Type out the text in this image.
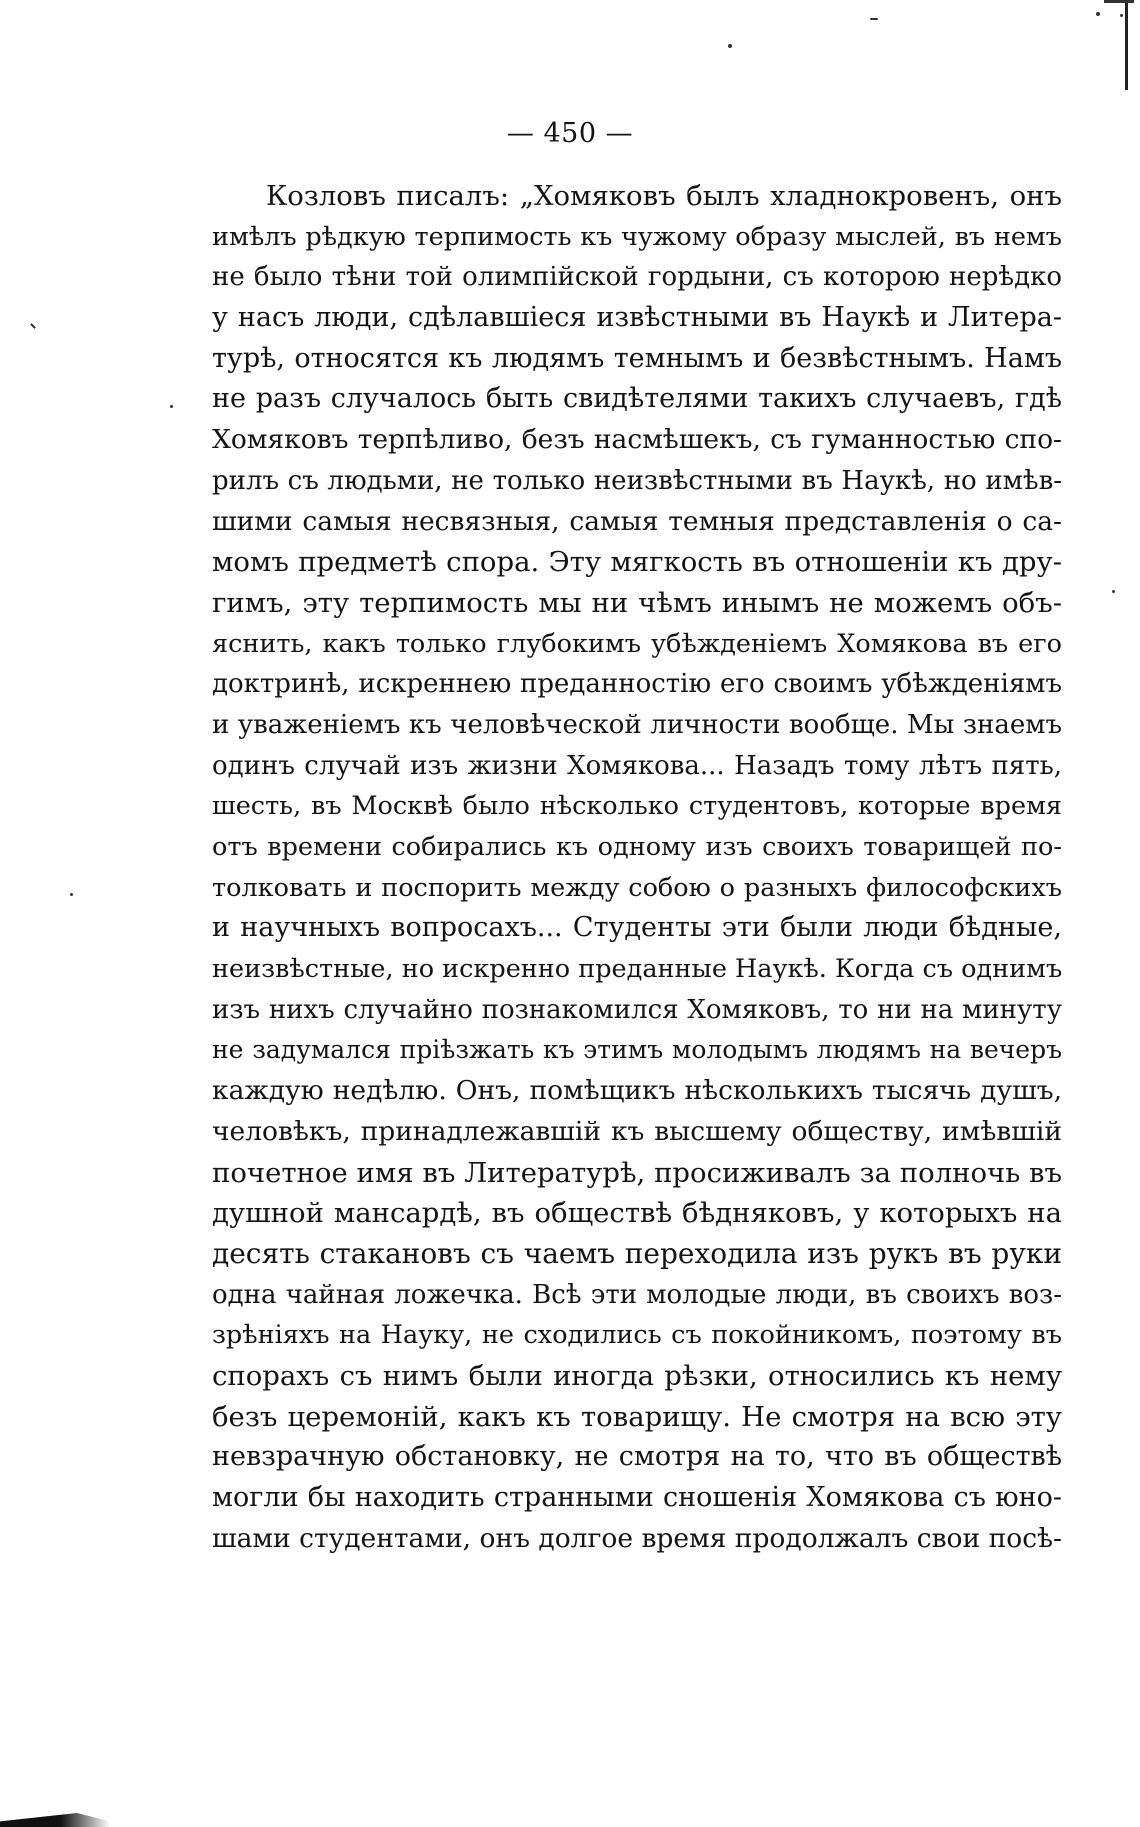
— 450 —
Козловъ писалъ: „Хомяковъ былъ хладнокровенъ, онъ
имѣлъ рѣдкую терпимость къ чужому образу мыслей, въ немъ
не было тѣни той олимпійской гордыни, съ которою нерѣдко
у насъ люди, сдѣлавшіеся извѣстными въ Наукѣ и Литера-
турѣ, относятся къ людямъ темнымъ и безвѣстнымъ. Намъ
не разъ случалось быть свидѣтелями такихъ случаевъ, гдѣ
Хомяковъ терпѣливо, безъ насмѣшекъ, съ гуманностью спо-
рилъ съ людьми, не только неизвѣстными въ Наукѣ, но имѣв-
шими самыя несвязныя, самыя темныя представленія о са-
момъ предметѣ спора. Эту мягкость въ отношеніи къ дру-
гимъ, эту терпимость мы ни чѣмъ инымъ не можемъ объ-
яснить, какъ только глубокимъ убѣжденіемъ Хомякова въ его
доктринѣ, искреннею преданностію его своимъ убѣжденіямъ
и уваженіемъ къ человѣческой личности вообще. Мы знаемъ
одинъ случай изъ жизни Хомякова... Назадъ тому лѣтъ пять,
шесть, въ Москвѣ было нѣсколько студентовъ, которые время
отъ времени собирались къ одному изъ своихъ товарищей по-
толковать и поспорить между собою о разныхъ философскихъ
и научныхъ вопросахъ... Студенты эти были люди бѣдные,
неизвѣстные, но искренно преданные Наукѣ. Когда съ однимъ
изъ нихъ случайно познакомился Хомяковъ, то ни на минуту
не задумался пріѣзжать къ этимъ молодымъ людямъ на вечеръ
каждую недѣлю. Онъ, помѣщикъ нѣсколькихъ тысячь душъ,
человѣкъ, принадлежавшій къ высшему обществу, имѣвшій
почетное имя въ Литературѣ, просиживалъ за полночь въ
душной мансардѣ, въ обществѣ бѣдняковъ, у которыхъ на
десять стакановъ съ чаемъ переходила изъ рукъ въ руки
одна чайная ложечка. Всѣ эти молодые люди, въ своихъ воз-
зрѣніяхъ на Науку, не сходились съ покойникомъ, поэтому въ
спорахъ съ нимъ были иногда рѣзки, относились къ нему
безъ церемоній, какъ къ товарищу. Не смотря на всю эту
невзрачную обстановку, не смотря на то, что въ обществѣ
могли бы находить странными сношенія Хомякова съ юно-
шами студентами, онъ долгое время продолжалъ свои посѣ-
